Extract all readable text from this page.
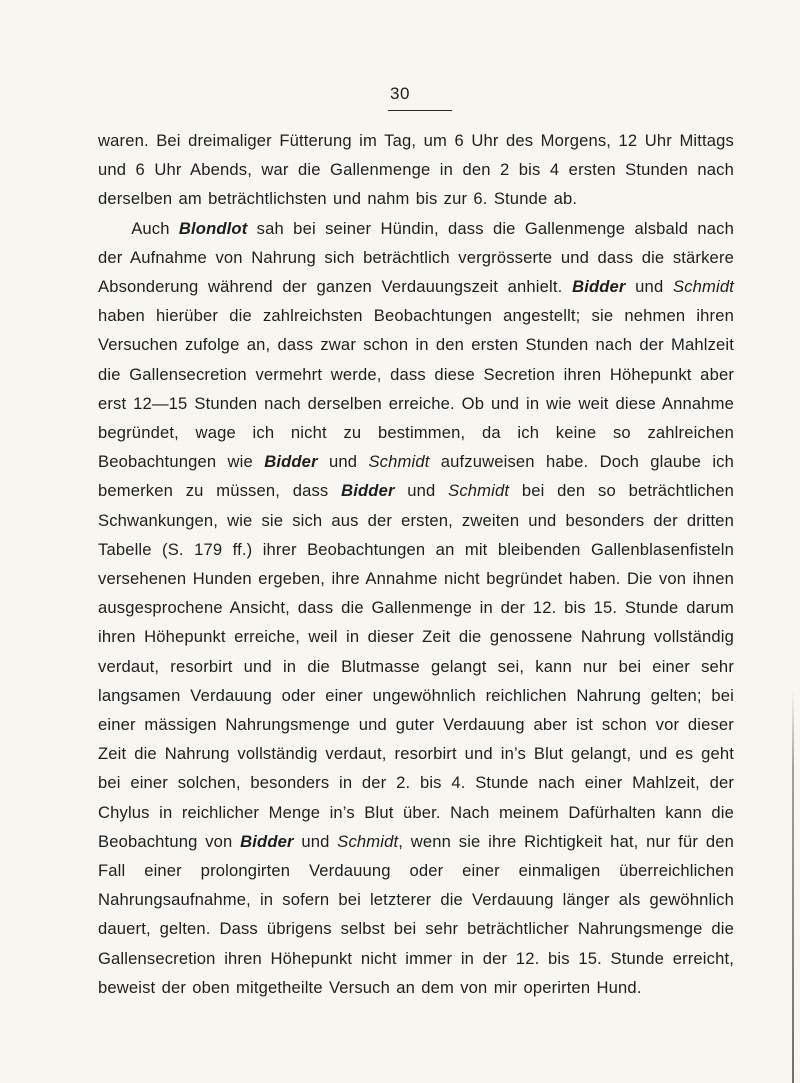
30

waren. Bei dreimaliger Fütterung im Tag, um 6 Uhr des Morgens, 12 Uhr Mittags und 6 Uhr Abends, war die Gallenmenge in den 2 bis 4 ersten Stunden nach derselben am beträchtlichsten und nahm bis zur 6. Stunde ab.

Auch Blondlot sah bei seiner Hündin, dass die Gallenmenge alsbald nach der Aufnahme von Nahrung sich beträchtlich vergrösserte und dass die stärkere Absonderung während der ganzen Verdauungszeit anhielt. Bidder und Schmidt haben hierüber die zahlreichsten Beobachtungen angestellt; sie nehmen ihren Versuchen zufolge an, dass zwar schon in den ersten Stunden nach der Mahlzeit die Gallensecretion vermehrt werde, dass diese Secretion ihren Höhepunkt aber erst 12—15 Stunden nach derselben erreiche. Ob und in wie weit diese Annahme begründet, wage ich nicht zu bestimmen, da ich keine so zahlreichen Beobachtungen wie Bidder und Schmidt aufzuweisen habe. Doch glaube ich bemerken zu müssen, dass Bidder und Schmidt bei den so beträchtlichen Schwankungen, wie sie sich aus der ersten, zweiten und besonders der dritten Tabelle (S. 179 ff.) ihrer Beobachtungen an mit bleibenden Gallenblasenfisteln versehenen Hunden ergeben, ihre Annahme nicht begründet haben. Die von ihnen ausgesprochene Ansicht, dass die Gallenmenge in der 12. bis 15. Stunde darum ihren Höhepunkt erreiche, weil in dieser Zeit die genossene Nahrung vollständig verdaut, resorbirt und in die Blutmasse gelangt sei, kann nur bei einer sehr langsamen Verdauung oder einer ungewöhnlich reichlichen Nahrung gelten; bei einer mässigen Nahrungsmenge und guter Verdauung aber ist schon vor dieser Zeit die Nahrung vollständig verdaut, resorbirt und in’s Blut gelangt, und es geht bei einer solchen, besonders in der 2. bis 4. Stunde nach einer Mahlzeit, der Chylus in reichlicher Menge in’s Blut über. Nach meinem Dafürhalten kann die Beobachtung von Bidder und Schmidt, wenn sie ihre Richtigkeit hat, nur für den Fall einer prolongirten Verdauung oder einer einmaligen überreichlichen Nahrungsaufnahme, in sofern bei letzterer die Verdauung länger als gewöhnlich dauert, gelten. Dass übrigens selbst bei sehr beträchtlicher Nahrungsmenge die Gallensecretion ihren Höhepunkt nicht immer in der 12. bis 15. Stunde erreicht, beweist der oben mitgetheilte Versuch an dem von mir operirten Hund.
